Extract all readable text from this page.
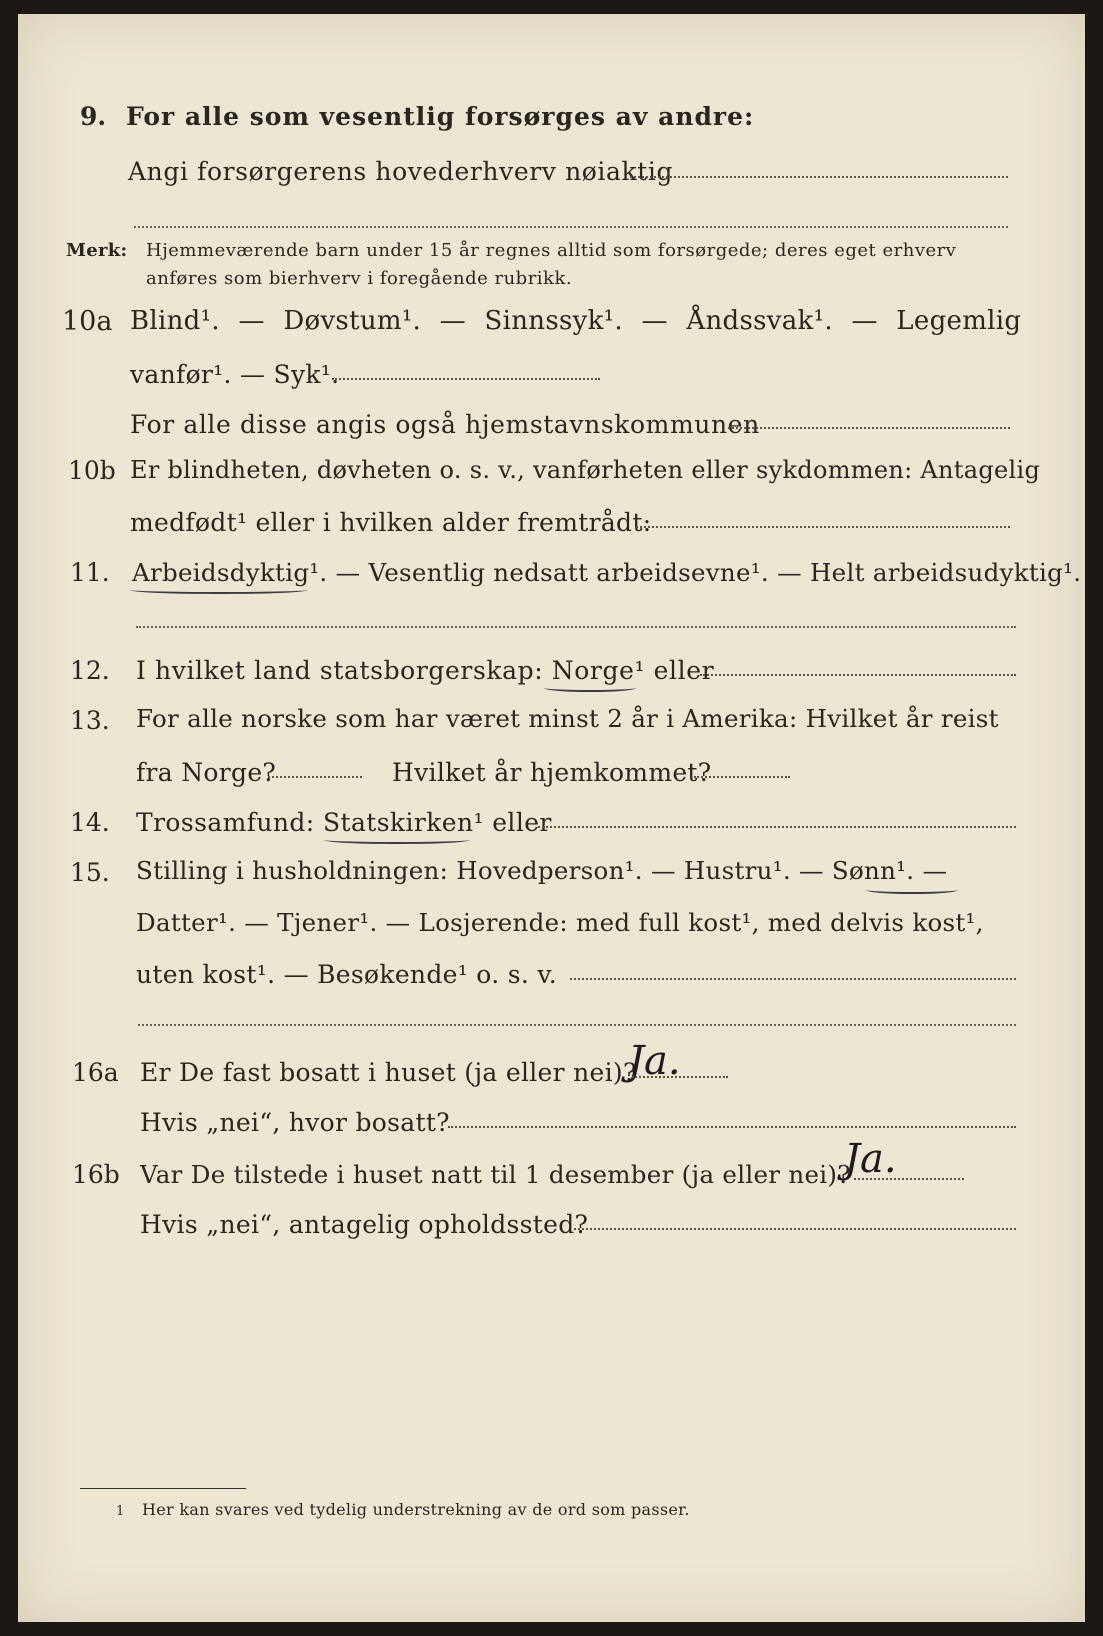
9. For alle som vesentlig forsørges av andre:
Angi forsørgerens hovederhverv nøiaktig
Merk: Hjemmeværende barn under 15 år regnes alltid som forsørgede; deres eget erhverv
anføres som bierhverv i foregående rubrikk.
10a Blind¹. — Døvstum¹. — Sinnssyk¹. — Åndssvak¹. — Legemlig
vanfør¹. — Syk¹.
For alle disse angis også hjemstavnskommunen
10b Er blindheten, døvheten o. s. v., vanførheten eller sykdommen: Antagelig
medfødt¹ eller i hvilken alder fremtrådt:
11. Arbeidsdyktig¹. — Vesentlig nedsatt arbeidsevne¹. — Helt arbeidsudyktig¹.
12. I hvilket land statsborgerskap: Norge¹ eller
13. For alle norske som har været minst 2 år i Amerika: Hvilket år reist
fra Norge?	Hvilket år hjemkommet?
14. Trossamfund: Statskirken¹ eller
15. Stilling i husholdningen: Hovedperson¹. — Hustru¹. — Sønn¹. —
Datter¹. — Tjener¹. — Losjerende: med full kost¹, med delvis kost¹,
uten kost¹. — Besøkende¹ o. s. v.
16a Er De fast bosatt i huset (ja eller nei)?
Ja.
Hvis „nei“, hvor bosatt?
16b Var De tilstede i huset natt til 1 desember (ja eller nei)?
Ja.
Hvis „nei“, antagelig opholdssted?
1 Her kan svares ved tydelig understrekning av de ord som passer.
